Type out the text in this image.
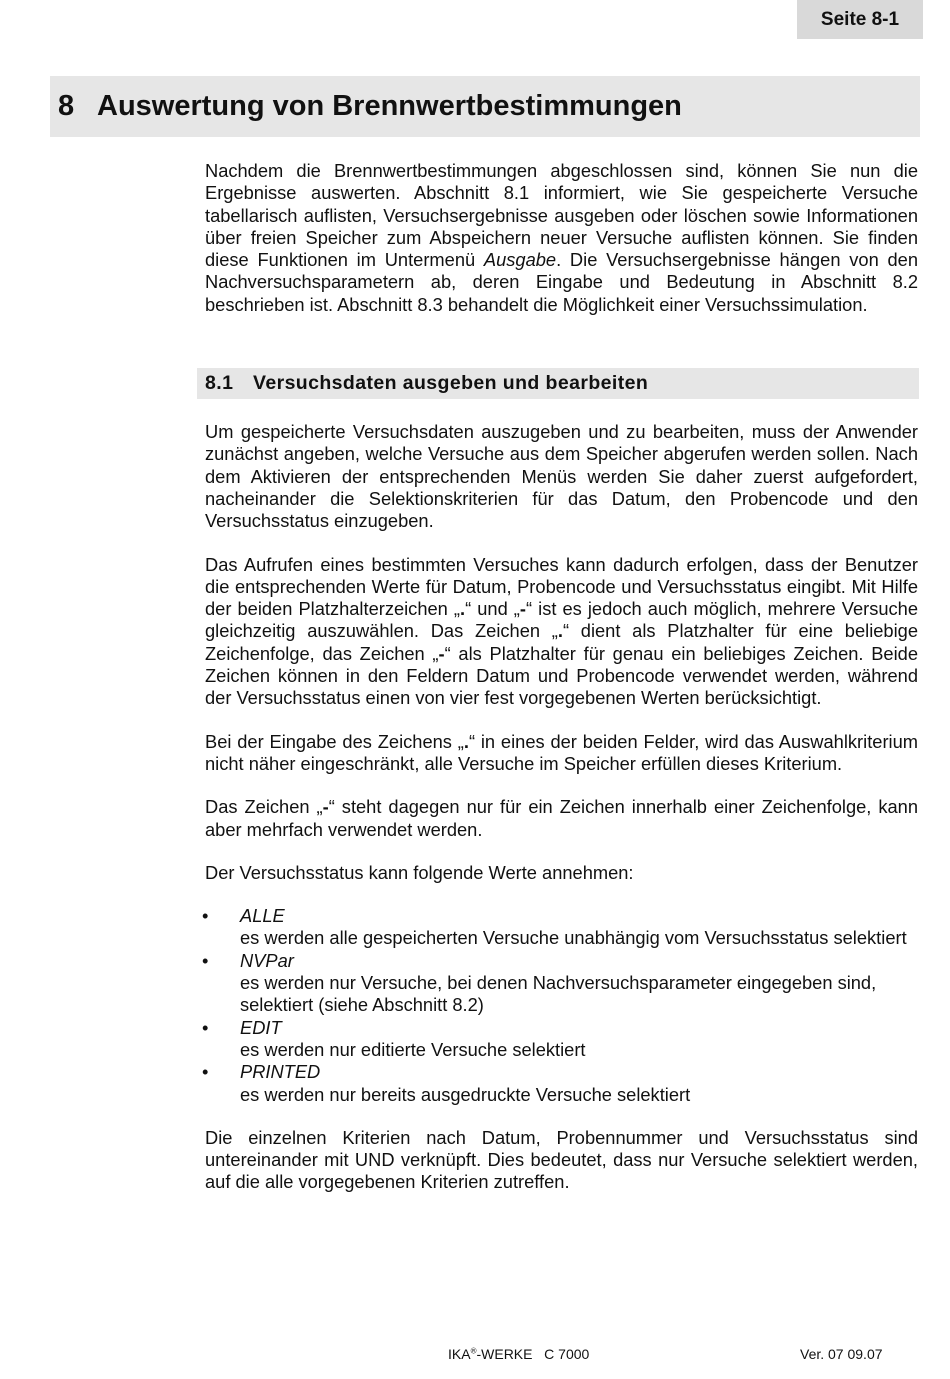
Seite 8-1
8 Auswertung von Brennwertbestimmungen

Nachdem die Brennwertbestimmungen abgeschlossen sind, können Sie nun die Ergebnisse auswerten. Abschnitt 8.1 informiert, wie Sie gespeicherte Versuche tabellarisch auflisten, Versuchsergebnisse ausgeben oder löschen sowie Informationen über freien Speicher zum Abspeichern neuer Versuche auflisten können. Sie finden diese Funktionen im Untermenü Ausgabe. Die Versuchsergebnisse hängen von den Nachversuchsparametern ab, deren Eingabe und Bedeutung in Abschnitt 8.2 beschrieben ist. Abschnitt 8.3 behandelt die Möglichkeit einer Versuchssimulation.

8.1	Versuchsdaten ausgeben und bearbeiten

Um gespeicherte Versuchsdaten auszugeben und zu bearbeiten, muss der Anwender zunächst angeben, welche Versuche aus dem Speicher abgerufen werden sollen. Nach dem Aktivieren der entsprechenden Menüs werden Sie daher zuerst aufgefordert, nacheinander die Selektionskriterien für das Datum, den Probencode und den Versuchsstatus einzugeben.

Das Aufrufen eines bestimmten Versuches kann dadurch erfolgen, dass der Benutzer die entsprechenden Werte für Datum, Probencode und Versuchsstatus eingibt. Mit Hilfe der beiden Platzhalterzeichen „.“ und „-“ ist es jedoch auch möglich, mehrere Versuche gleichzeitig auszuwählen. Das Zeichen „.“ dient als Platzhalter für eine beliebige Zeichenfolge, das Zeichen „-“ als Platzhalter für genau ein beliebiges Zeichen. Beide Zeichen können in den Feldern Datum und Probencode verwendet werden, während der Versuchsstatus einen von vier fest vorgegebenen Werten berücksichtigt.

Bei der Eingabe des Zeichens „.“ in eines der beiden Felder, wird das Auswahlkriterium nicht näher eingeschränkt, alle Versuche im Speicher erfüllen dieses Kriterium.

Das Zeichen „-“ steht dagegen nur für ein Zeichen innerhalb einer Zeichenfolge, kann aber mehrfach verwendet werden.

Der Versuchsstatus kann folgende Werte annehmen:

• ALLE
es werden alle gespeicherten Versuche unabhängig vom Versuchsstatus selektiert
• NVPar
es werden nur Versuche, bei denen Nachversuchsparameter eingegeben sind, selektiert (siehe Abschnitt 8.2)
• EDIT
es werden nur editierte Versuche selektiert
• PRINTED
es werden nur bereits ausgedruckte Versuche selektiert

Die einzelnen Kriterien nach Datum, Probennummer und Versuchsstatus sind untereinander mit UND verknüpft. Dies bedeutet, dass nur Versuche selektiert werden, auf die alle vorgegebenen Kriterien zutreffen.

IKA®-WERKE   C 7000	Ver. 07 09.07
